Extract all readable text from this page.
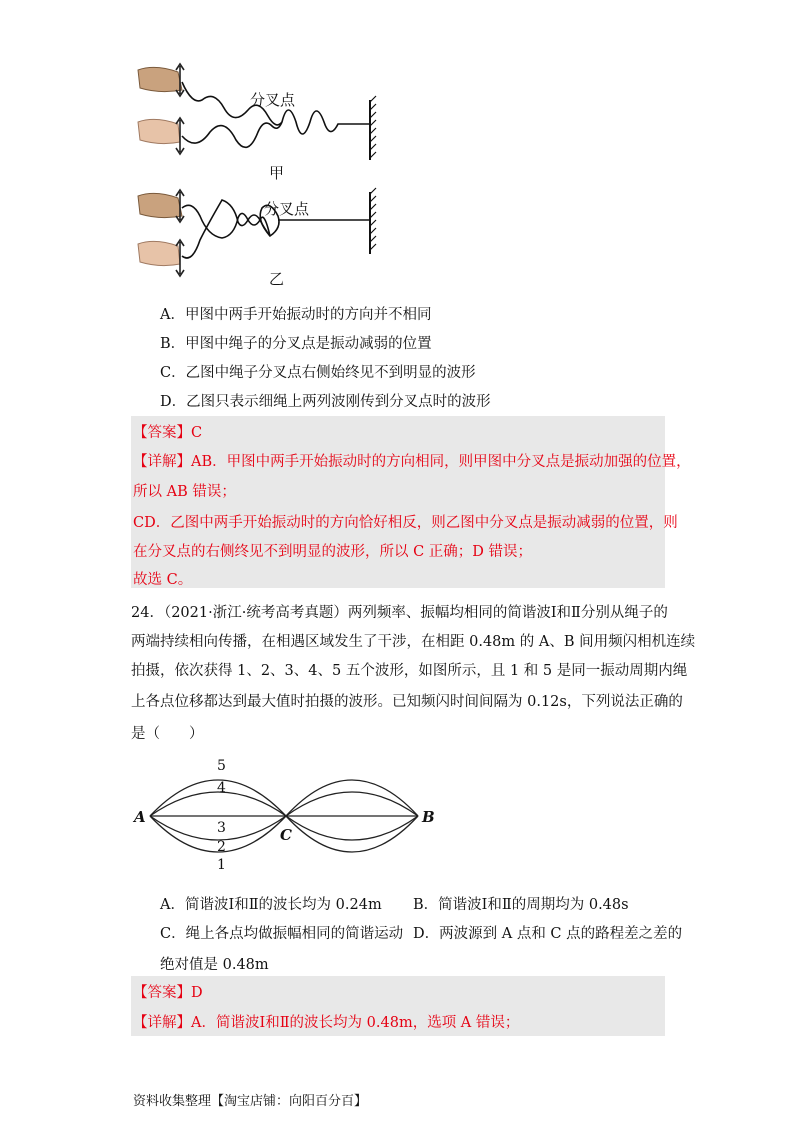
分叉点
甲
分叉点
乙
A．甲图中两手开始振动时的方向并不相同
B．甲图中绳子的分叉点是振动减弱的位置
C．乙图中绳子分叉点右侧始终见不到明显的波形
D．乙图只表示细绳上两列波刚传到分叉点时的波形
【答案】C
【详解】AB．甲图中两手开始振动时的方向相同，则甲图中分叉点是振动加强的位置，
所以 AB 错误；
CD．乙图中两手开始振动时的方向恰好相反，则乙图中分叉点是振动减弱的位置，则
在分叉点的右侧终见不到明显的波形，所以 C 正确；D 错误；
故选 C。
24．（2021·浙江·统考高考真题）两列频率、振幅均相同的简谐波Ⅰ和Ⅱ分别从绳子的
两端持续相向传播，在相遇区域发生了干涉，在相距 0.48m 的 A、B 间用频闪相机连续
拍摄，依次获得 1、2、3、4、5 五个波形，如图所示，且 1 和 5 是同一振动周期内绳
上各点位移都达到最大值时拍摄的波形。已知频闪时间间隔为 0.12s，下列说法正确的
是（　　）
A	B
C
5
4
3
2
1
A．简谐波Ⅰ和Ⅱ的波长均为 0.24m B．简谐波Ⅰ和Ⅱ的周期均为 0.48s
C．绳上各点均做振幅相同的简谐运动 D．两波源到 A 点和 C 点的路程差之差的
绝对值是 0.48m
【答案】D
【详解】A．简谐波Ⅰ和Ⅱ的波长均为 0.48m，选项 A 错误；
资料收集整理【淘宝店铺：向阳百分百】
